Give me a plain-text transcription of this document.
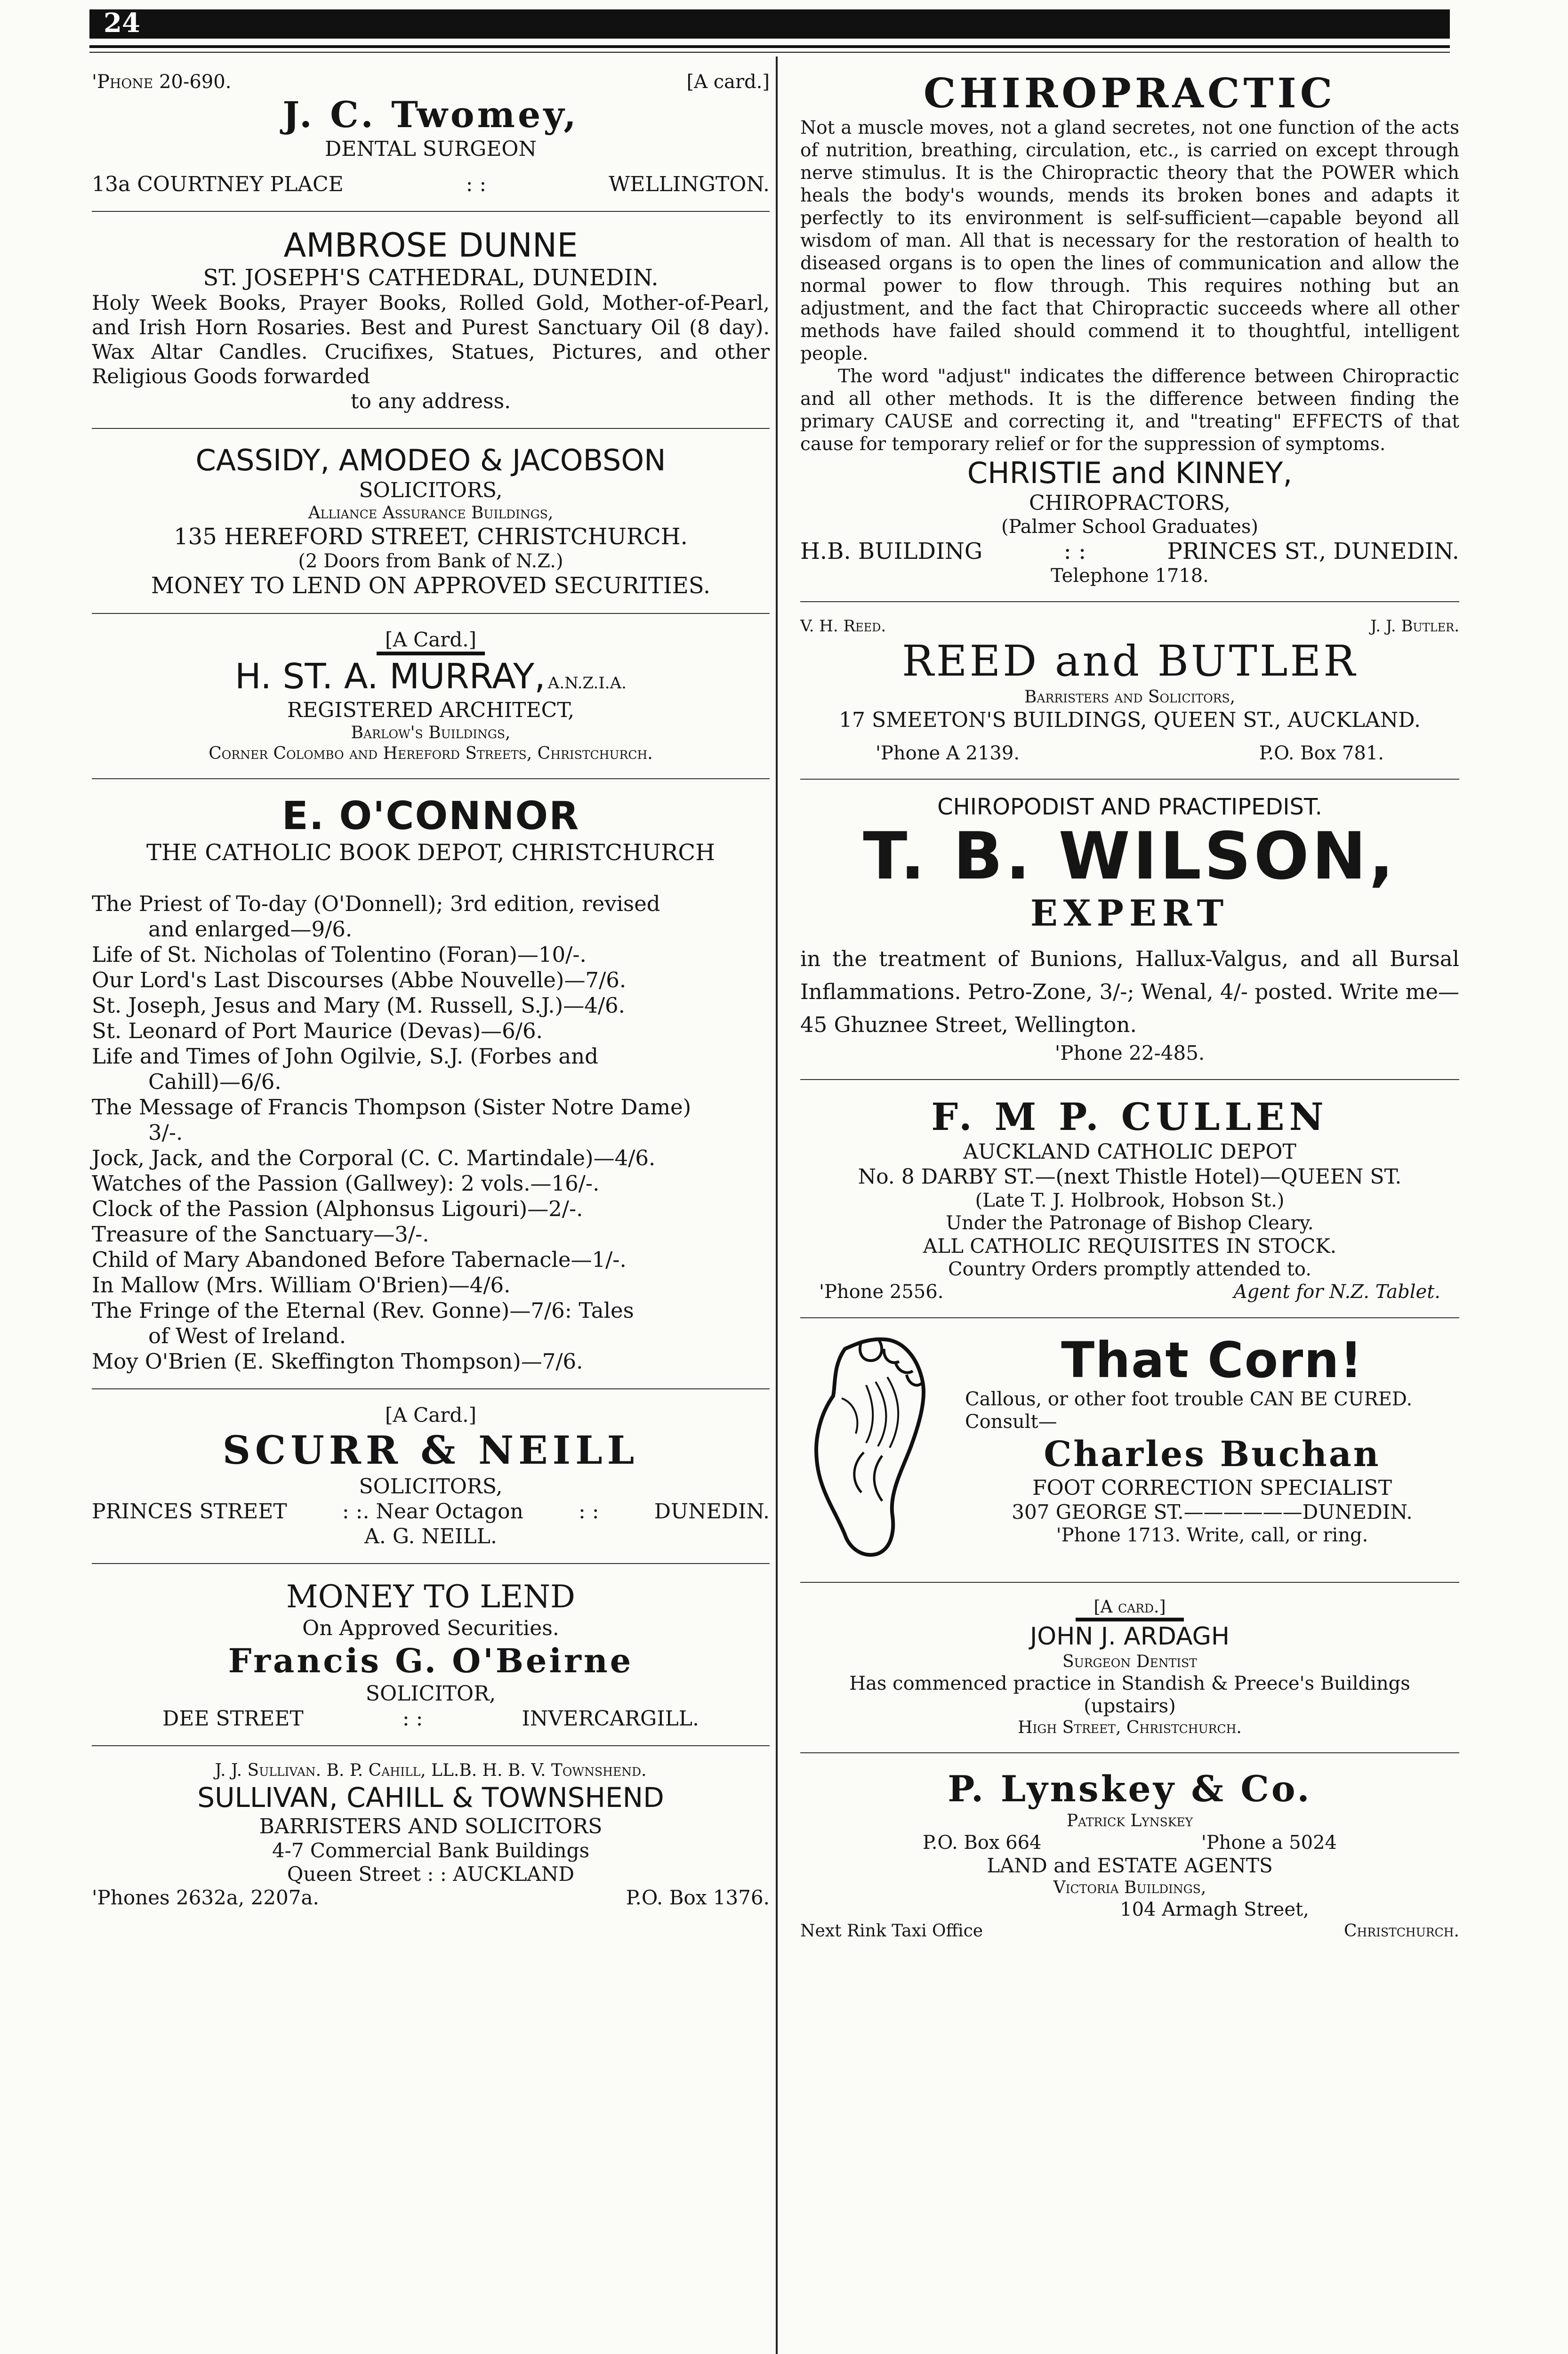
24
'Phone 20-690.	[A card.]
J. C. Twomey,
DENTAL SURGEON
13a COURTNEY PLACE	: :	WELLINGTON.
AMBROSE DUNNE
ST. JOSEPH'S CATHEDRAL, DUNEDIN.
Holy Week Books, Prayer Books, Rolled Gold, Mother-of-Pearl, and Irish Horn Rosaries. Best and Purest Sanctuary Oil (8 day). Wax Altar Candles. Crucifixes, Statues, Pictures, and other Religious Goods forwarded
to any address.
CASSIDY, AMODEO & JACOBSON
SOLICITORS,
Alliance Assurance Buildings,
135 HEREFORD STREET, CHRISTCHURCH.
(2 Doors from Bank of N.Z.)
MONEY TO LEND ON APPROVED SECURITIES.
[A Card.]
H. ST. A. MURRAY, A.N.Z.I.A.
REGISTERED ARCHITECT,
Barlow's Buildings,
Corner Colombo and Hereford Streets, Christchurch.
E. O'CONNOR
THE CATHOLIC BOOK DEPOT, CHRISTCHURCH
The Priest of To-day (O'Donnell); 3rd edition, revised
and enlarged—9/6.
Life of St. Nicholas of Tolentino (Foran)—10/-.
Our Lord's Last Discourses (Abbe Nouvelle)—7/6.
St. Joseph, Jesus and Mary (M. Russell, S.J.)—4/6.
St. Leonard of Port Maurice (Devas)—6/6.
Life and Times of John Ogilvie, S.J. (Forbes and
Cahill)—6/6.
The Message of Francis Thompson (Sister Notre Dame)
3/-.
Jock, Jack, and the Corporal (C. C. Martindale)—4/6.
Watches of the Passion (Gallwey): 2 vols.—16/-.
Clock of the Passion (Alphonsus Ligouri)—2/-.
Treasure of the Sanctuary—3/-.
Child of Mary Abandoned Before Tabernacle—1/-.
In Mallow (Mrs. William O'Brien)—4/6.
The Fringe of the Eternal (Rev. Gonne)—7/6: Tales
of West of Ireland.
Moy O'Brien (E. Skeffington Thompson)—7/6.
[A Card.]
SCURR & NEILL
SOLICITORS,
PRINCES STREET	: :. Near Octagon	: :	DUNEDIN.
A. G. NEILL.
MONEY TO LEND
On Approved Securities.
Francis G. O'Beirne
SOLICITOR,
DEE STREET	: :	INVERCARGILL.
J. J. Sullivan. B. P. Cahill, LL.B. H. B. V. Townshend.
SULLIVAN, CAHILL & TOWNSHEND
BARRISTERS AND SOLICITORS
4-7 Commercial Bank Buildings
Queen Street : : AUCKLAND
'Phones 2632a, 2207a.	P.O. Box 1376.
CHIROPRACTIC
Not a muscle moves, not a gland secretes, not one function of the acts of nutrition, breathing, circulation, etc., is carried on except through nerve stimulus. It is the Chiropractic theory that the POWER which heals the body's wounds, mends its broken bones and adapts it perfectly to its environment is self-sufficient—capable beyond all wisdom of man. All that is necessary for the restoration of health to diseased organs is to open the lines of communication and allow the normal power to flow through. This requires nothing but an adjustment, and the fact that Chiropractic succeeds where all other methods have failed should commend it to thoughtful, intelligent people.
The word "adjust" indicates the difference between Chiropractic and all other methods. It is the difference between finding the primary CAUSE and correcting it, and "treating" EFFECTS of that cause for temporary relief or for the suppression of symptoms.
CHRISTIE and KINNEY,
CHIROPRACTORS,
(Palmer School Graduates)
H.B. BUILDING	: :	PRINCES ST., DUNEDIN.
Telephone 1718.
V. H. Reed.	J. J. Butler.
REED and BUTLER
Barristers and Solicitors,
17 SMEETON'S BUILDINGS, QUEEN ST., AUCKLAND.
'Phone A 2139.	P.O. Box 781.
CHIROPODIST AND PRACTIPEDIST.
T. B. WILSON,
EXPERT
in the treatment of Bunions, Hallux-Valgus, and all Bursal Inflammations. Petro-Zone, 3/-; Wenal, 4/- posted. Write me—45 Ghuznee Street, Wellington.
'Phone 22-485.
F. M P. CULLEN
AUCKLAND CATHOLIC DEPOT
No. 8 DARBY ST.—(next Thistle Hotel)—QUEEN ST.
(Late T. J. Holbrook, Hobson St.)
Under the Patronage of Bishop Cleary.
ALL CATHOLIC REQUISITES IN STOCK.
Country Orders promptly attended to.
'Phone 2556.	Agent for N.Z. Tablet.
That Corn!
Callous, or other foot trouble CAN BE CURED.
Consult—
Charles Buchan
FOOT CORRECTION SPECIALIST
307 GEORGE ST.——————DUNEDIN.
'Phone 1713. Write, call, or ring.
[A card.]
JOHN J. ARDAGH
Surgeon Dentist
Has commenced practice in Standish & Preece's Buildings
(upstairs)
High Street, Christchurch.
P. Lynskey & Co.
Patrick Lynskey
P.O. Box 664	'Phone a 5024
LAND and ESTATE AGENTS
Victoria Buildings,
104 Armagh Street,
Next Rink Taxi Office	Christchurch.
